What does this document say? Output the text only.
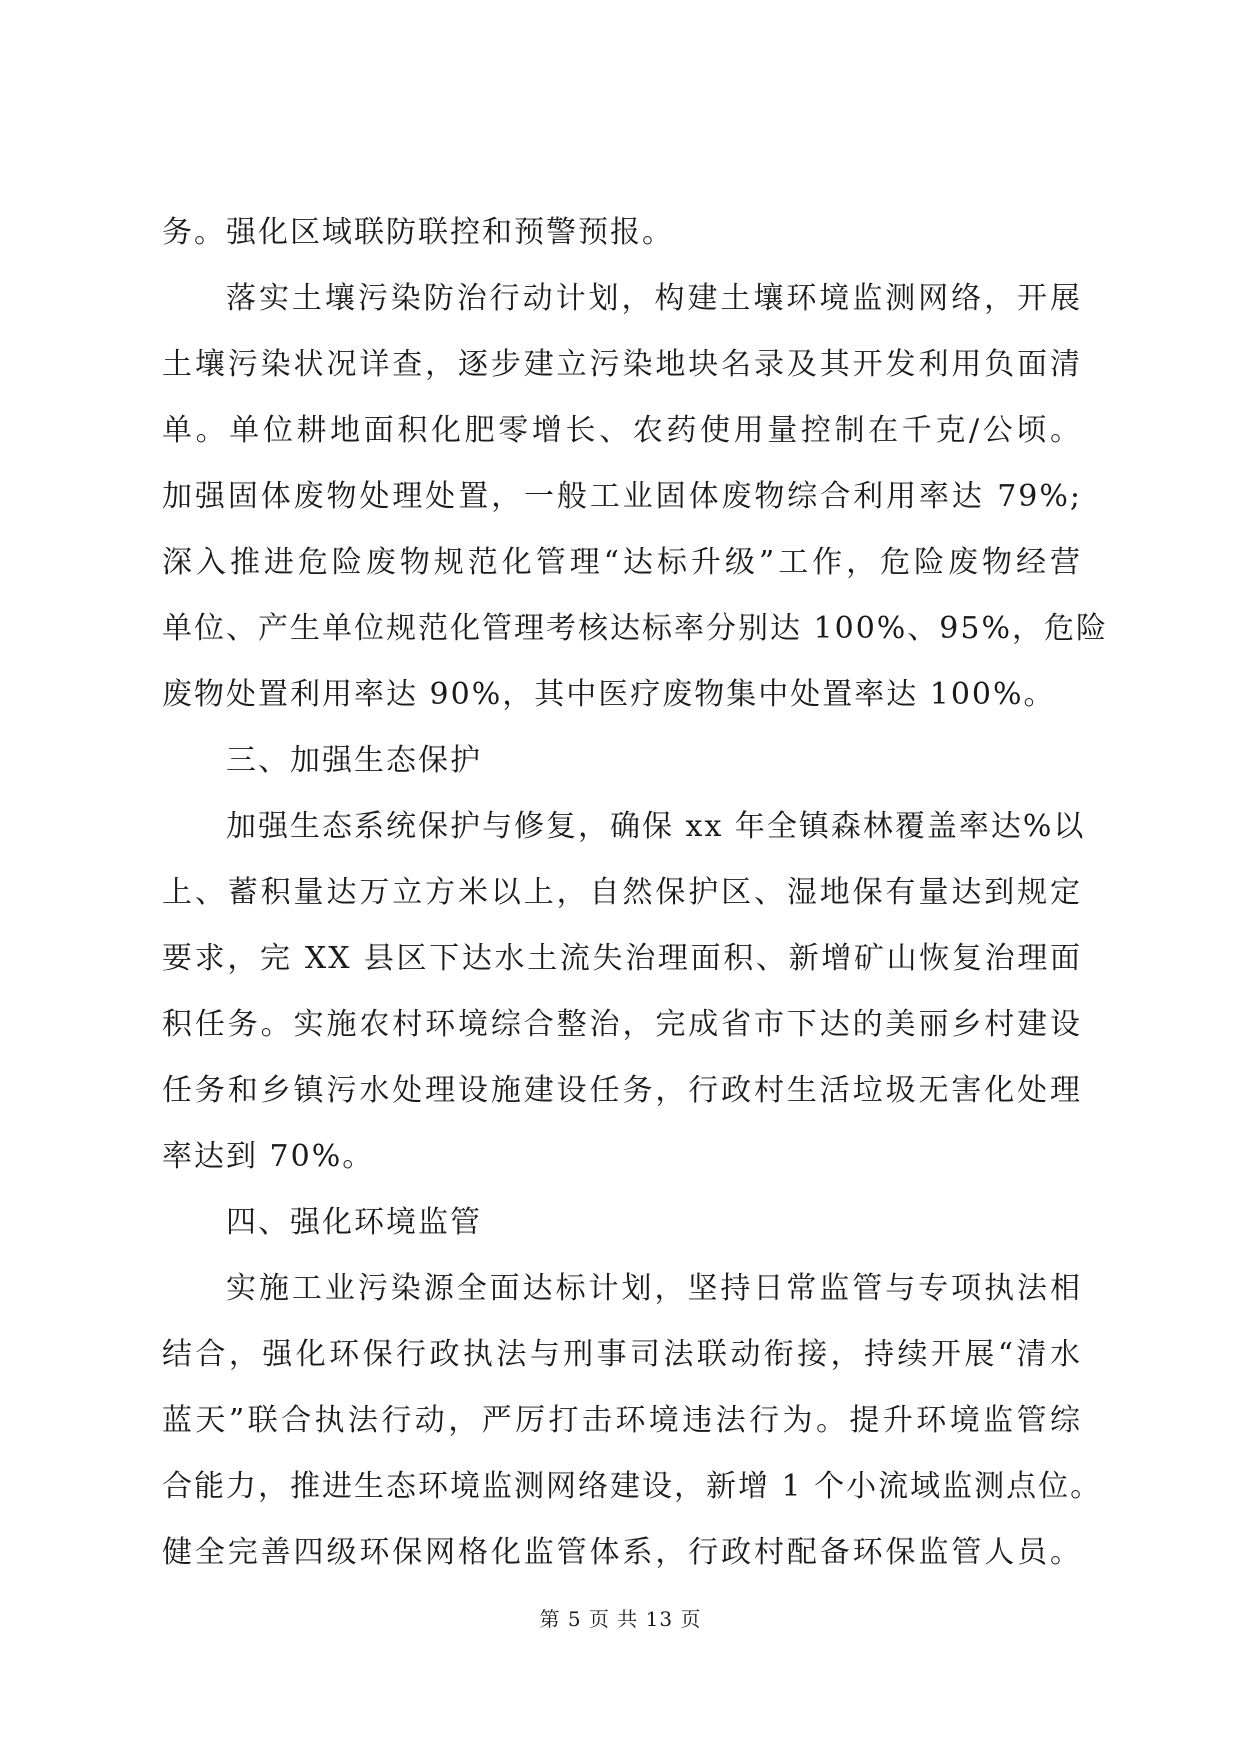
务。强化区域联防联控和预警预报。
落实土壤污染防治行动计划，构建土壤环境监测网络，开展
土壤污染状况详查，逐步建立污染地块名录及其开发利用负面清
单。单位耕地面积化肥零增长、农药使用量控制在千克/公顷。
加强固体废物处理处置，一般工业固体废物综合利用率达 79%;
深入推进危险废物规范化管理“达标升级”工作，危险废物经营
单位、产生单位规范化管理考核达标率分别达 100%、95%，危险
废物处置利用率达 90%，其中医疗废物集中处置率达 100%。
三、加强生态保护
加强生态系统保护与修复，确保 xx 年全镇森林覆盖率达%以
上、蓄积量达万立方米以上，自然保护区、湿地保有量达到规定
要求，完 XX 县区下达水土流失治理面积、新增矿山恢复治理面
积任务。实施农村环境综合整治，完成省市下达的美丽乡村建设
任务和乡镇污水处理设施建设任务，行政村生活垃圾无害化处理
率达到 70%。
四、强化环境监管
实施工业污染源全面达标计划，坚持日常监管与专项执法相
结合，强化环保行政执法与刑事司法联动衔接，持续开展“清水
蓝天”联合执法行动，严厉打击环境违法行为。提升环境监管综
合能力，推进生态环境监测网络建设，新增 1 个小流域监测点位。
健全完善四级环保网格化监管体系，行政村配备环保监管人员。
第 5 页 共 13 页
